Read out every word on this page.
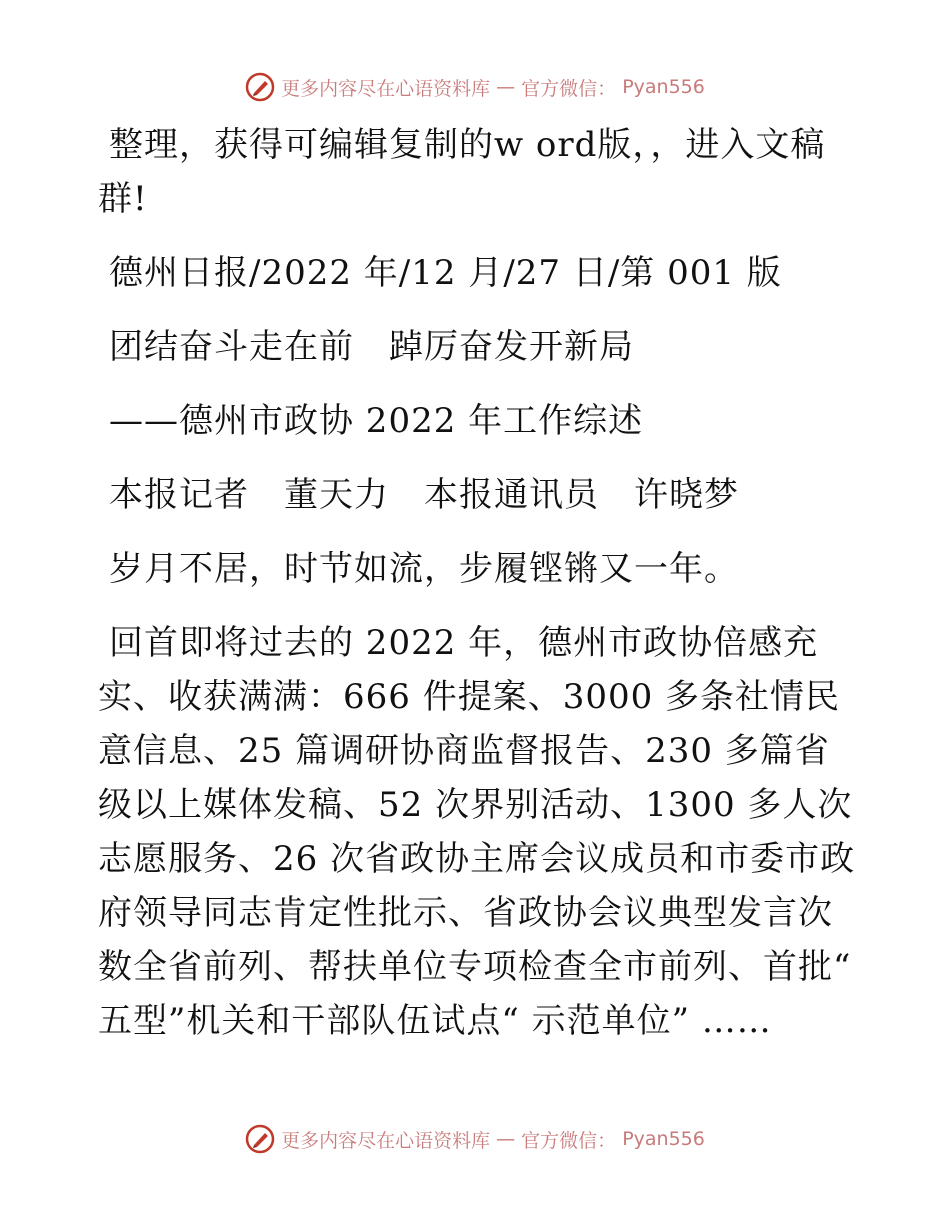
更多内容尽在心语资料库 — 官方微信： Pyan556

整理，获得可编辑复制的w ord版，，进入文稿群!

德州日报/2022 年/12 月/27 日/第 001 版

团结奋斗走在前　踔厉奋发开新局

——德州市政协 2022 年工作综述

本报记者　董天力　本报通讯员　许晓梦

岁月不居，时节如流，步履铿锵又一年。

回首即将过去的 2022 年，德州市政协倍感充实、收获满满：666 件提案、3000 多条社情民意信息、25 篇调研协商监督报告、230 多篇省级以上媒体发稿、52 次界别活动、1300 多人次志愿服务、26 次省政协主席会议成员和市委市政府领导同志肯定性批示、省政协会议典型发言次数全省前列、帮扶单位专项检查全市前列、首批“ 五型”机关和干部队伍试点“ 示范单位” ……

更多内容尽在心语资料库 — 官方微信： Pyan556
